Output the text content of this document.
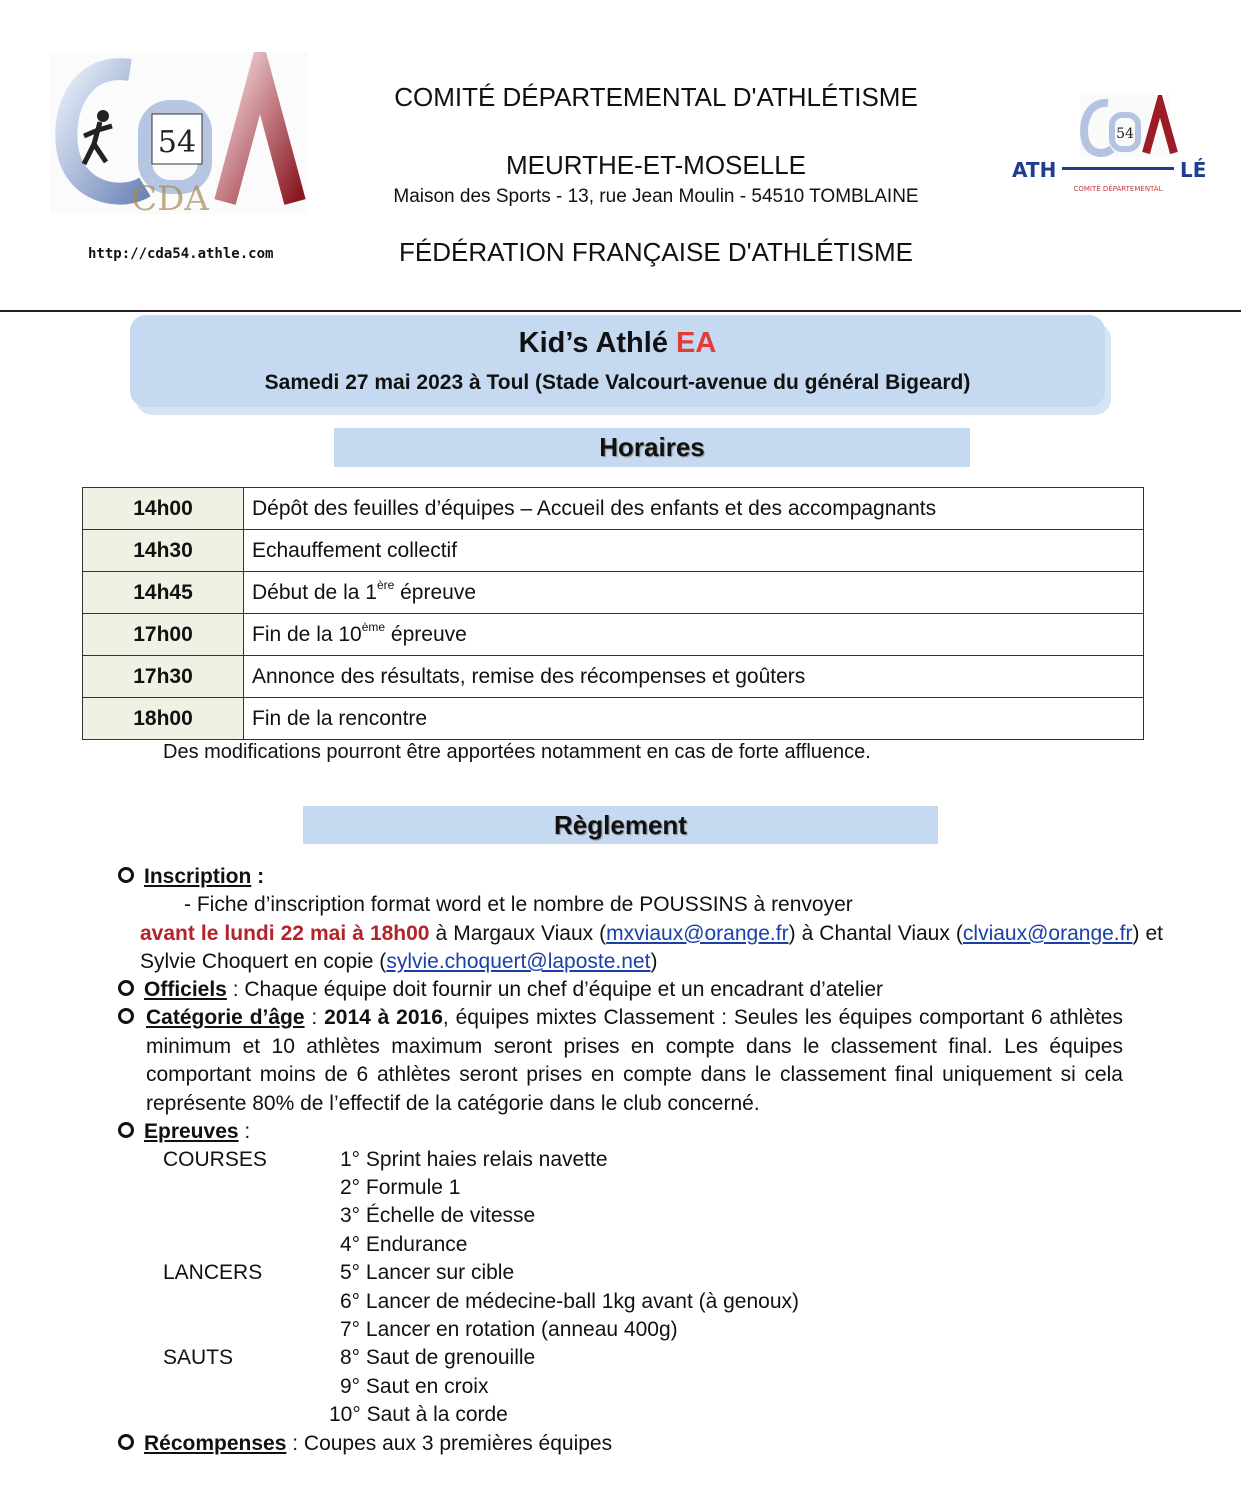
54
CDA
COMITÉ DÉPARTEMENTAL D'ATHLÉTISME
MEURTHE-ET-MOSELLE
Maison des Sports - 13, rue Jean Moulin - 54510 TOMBLAINE
FÉDÉRATION FRANÇAISE D'ATHLÉTISME
http://cda54.athle.com
54
ATH	LÉ
COMITÉ DÉPARTEMENTAL
Kid’s Athlé EA
Samedi 27 mai 2023 à Toul (Stade Valcourt-avenue du général Bigeard)
Horaires
14h00	Dépôt des feuilles d’équipes – Accueil des enfants et des accompagnants
14h30	Echauffement collectif
14h45	Début de la 1ère épreuve
17h00	Fin de la 10ème épreuve
17h30	Annonce des résultats, remise des récompenses et goûters
18h00	Fin de la rencontre
Des modifications pourront être apportées notamment en cas de forte affluence.
Règlement
Inscription :
- Fiche d’inscription format word et le nombre de POUSSINS à renvoyer
avant le lundi 22 mai à 18h00 à Margaux Viaux (mxviaux@orange.fr) à Chantal Viaux (clviaux@orange.fr) et Sylvie Choquert en copie (sylvie.choquert@laposte.net)
Officiels : Chaque équipe doit fournir un chef d’équipe et un encadrant d’atelier
Catégorie d’âge : 2014 à 2016, équipes mixtes Classement : Seules les équipes comportant 6 athlètes minimum et 10 athlètes maximum seront prises en compte dans le classement final. Les équipes comportant moins de 6 athlètes seront prises en compte dans le classement final uniquement si cela représente 80% de l’effectif de la catégorie dans le club concerné.
Epreuves :
COURSES	1° Sprint haies relais navette
2° Formule 1
3° Échelle de vitesse
4° Endurance
LANCERS	5° Lancer sur cible
6° Lancer de médecine-ball 1kg avant (à genoux)
7° Lancer en rotation (anneau 400g)
SAUTS	8° Saut de grenouille
9° Saut en croix
10° Saut à la corde
Récompenses : Coupes aux 3 premières équipes
